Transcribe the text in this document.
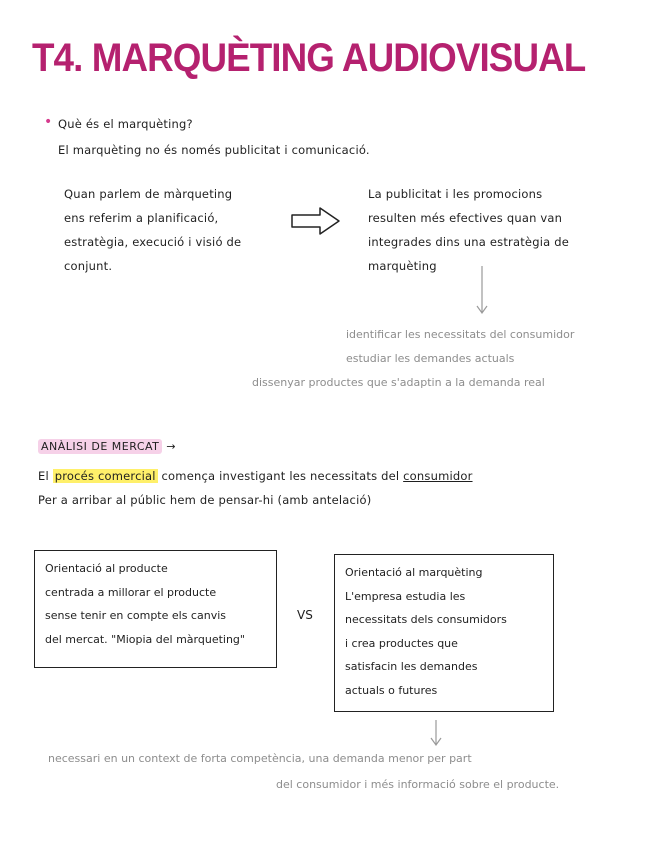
T4. MARQUÈTING AUDIOVISUAL
• Què és el marquèting?
El marquèting no és només publicitat i comunicació.
Quan parlem de màrqueting
ens referim a planificació,
estratègia, execució i visió de
conjunt.
La publicitat i les promocions
resulten més efectives quan van
integrades dins una estratègia de
marquèting
identificar les necessitats del consumidor
estudiar les demandes actuals
dissenyar productes que s'adaptin a la demanda real
ANÀLISI DE MERCAT →
El procés comercial comença investigant les necessitats del consumidor
Per a arribar al públic hem de pensar-hi (amb antelació)
Orientació al producte
centrada a millorar el producte
sense tenir en compte els canvis
del mercat. "Miopia del màrqueting"
VS
Orientació al marquèting
L'empresa estudia les
necessitats dels consumidors
i crea productes que
satisfacin les demandes
actuals o futures
necessari en un context de forta competència, una demanda menor per part
del consumidor i més informació sobre el producte.
